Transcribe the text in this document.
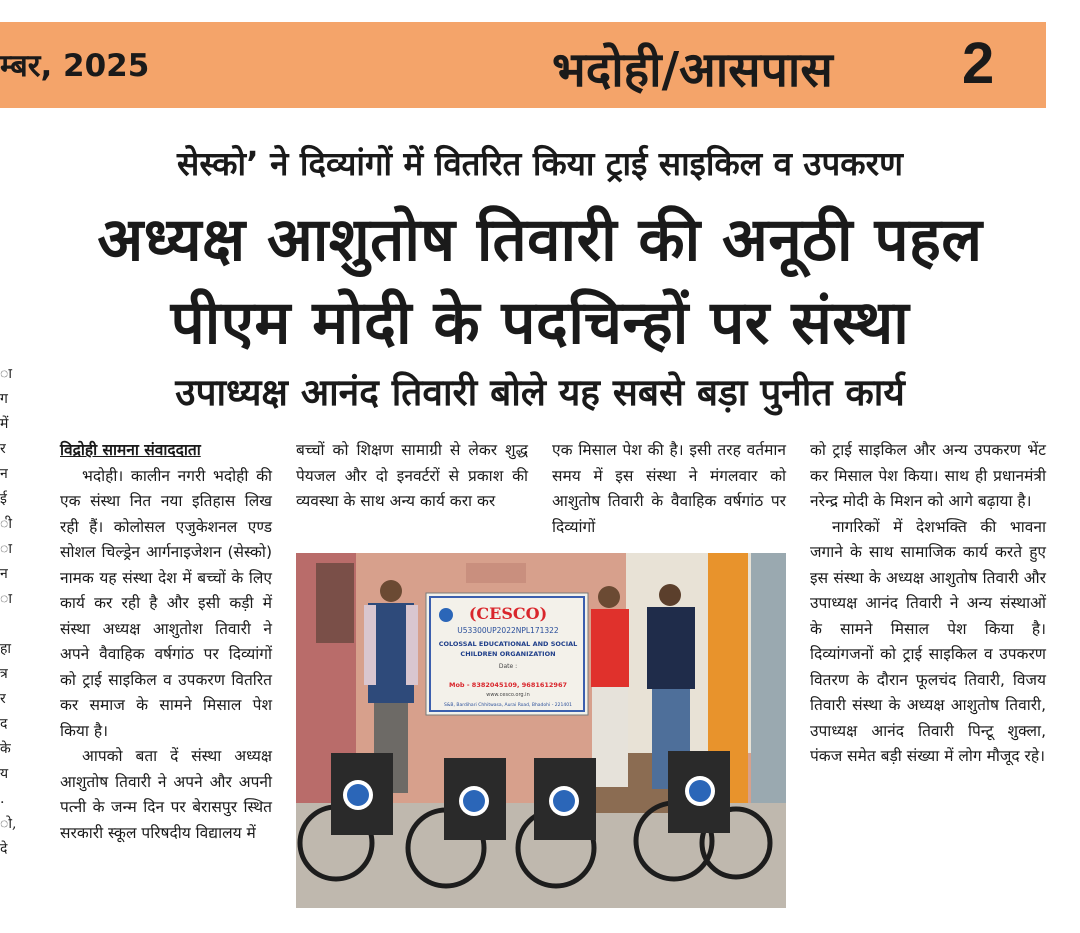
म्बर, 2025	भदोही/आसपास 2
सेस्को’ ने दिव्यांगों में वितरित किया ट्राई साइकिल व उपकरण
अध्यक्ष आशुतोष तिवारी की अनूठी पहल
पीएम मोदी के पदचिन्हों पर संस्था
उपाध्यक्ष आनंद तिवारी बोले यह सबसे बड़ा पुनीत कार्य
ा
ग
में
र
न
ई
ी
ा
न
ा

हा
त्र
र
द
के
य
.
ो,
दे

विद्रोही सामना संवाददाता

भदोही। कालीन नगरी भदोही की एक संस्था नित नया इतिहास लिख रही हैं। कोलोसल एजुकेशनल एण्ड सोशल चिल्ड्रेन आर्गनाइजेशन (सेस्को) नामक यह संस्था देश में बच्चों के लिए कार्य कर रही है और इसी कड़ी में संस्था अध्यक्ष आशुतोश तिवारी ने अपने वैवाहिक वर्षगांठ पर दिव्यांगों को ट्राई साइकिल व उपकरण वितरित कर समाज के सामने मिसाल पेश किया है।

आपको बता दें संस्था अध्यक्ष आशुतोष तिवारी ने अपने और अपनी पत्नी के जन्म दिन पर बेरासपुर स्थित सरकारी स्कूल परिषदीय विद्यालय में

बच्चों को शिक्षण सामाग्री से लेकर शुद्ध पेयजल और दो इनवर्टरों से प्रकाश की व्यवस्था के साथ अन्य कार्य करा कर

एक मिसाल पेश की है। इसी तरह वर्तमान समय में इस संस्था ने मंगलवार को आशुतोष तिवारी के वैवाहिक वर्षगांठ पर दिव्यांगों

को ट्राई साइकिल और अन्य उपकरण भेंट कर मिसाल पेश किया। साथ ही प्रधानमंत्री नरेन्द्र मोदी के मिशन को आगे बढ़ाया है।

नागरिकों में देशभक्ति की भावना जगाने के साथ सामाजिक कार्य करते हुए इस संस्था के अध्यक्ष आशुतोष तिवारी और उपाध्यक्ष आनंद तिवारी ने अन्य संस्थाओं के सामने मिसाल पेश किया है। दिव्यांगजनों को ट्राई साइकिल व उपकरण वितरण के दौरान फूलचंद तिवारी, विजय तिवारी संस्था के अध्यक्ष आशुतोष तिवारी, उपाध्यक्ष आनंद तिवारी पिन्टू शुक्ला, पंकज समेत बड़ी संख्या में लोग मौजूद रहे।

(CESCO)
U53300UP2022NPL171322
COLOSSAL EDUCATIONAL AND SOCIAL
CHILDREN ORGANIZATION
Date :
Mob - 8382045109, 9681612967
www.cesco.org.in
S&B, Bardihari Chhitwasa, Aurai Road, Bhadohi - 221401
